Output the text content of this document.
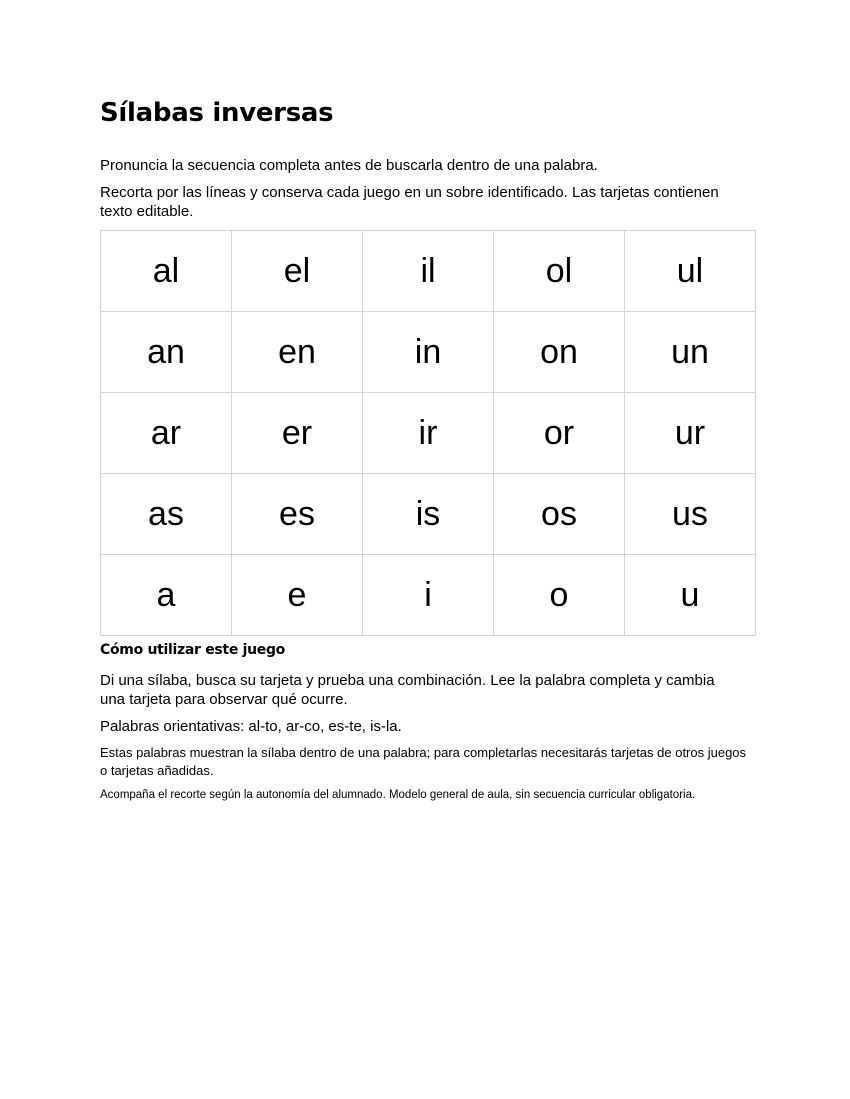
Sílabas inversas

Pronuncia la secuencia completa antes de buscarla dentro de una palabra.

Recorta por las líneas y conserva cada juego en un sobre identificado. Las tarjetas contienen texto editable.

al	el	il	ol	ul
an	en	in	on	un
ar	er	ir	or	ur
as	es	is	os	us
a	e	i	o	u
Cómo utilizar este juego

Di una sílaba, busca su tarjeta y prueba una combinación. Lee la palabra completa y cambia una tarjeta para observar qué ocurre.

Palabras orientativas: al-to, ar-co, es-te, is-la.

Estas palabras muestran la sílaba dentro de una palabra; para completarlas necesitarás tarjetas de otros juegos o tarjetas añadidas.

Acompaña el recorte según la autonomía del alumnado. Modelo general de aula, sin secuencia curricular obligatoria.
